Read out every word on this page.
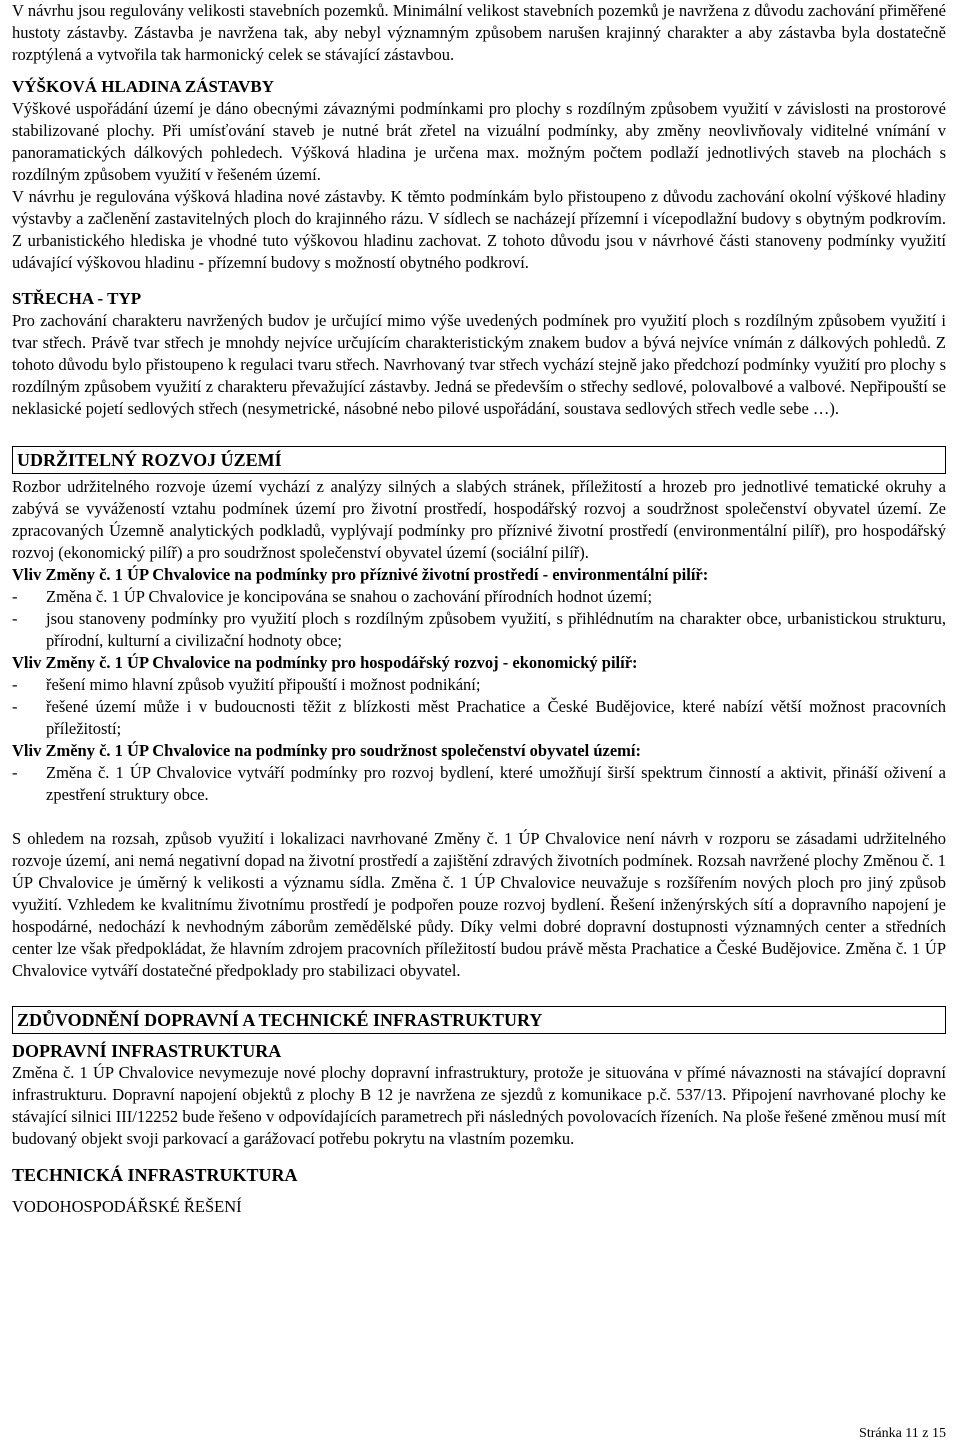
V návrhu jsou regulovány velikosti stavebních pozemků. Minimální velikost stavebních pozemků je navržena z důvodu zachování přiměřené hustoty zástavby. Zástavba je navržena tak, aby nebyl významným způsobem narušen krajinný charakter a aby zástavba byla dostatečně rozptýlená a vytvořila tak harmonický celek se stávající zástavbou.

VÝŠKOVÁ HLADINA ZÁSTAVBY

Výškové uspořádání území je dáno obecnými závaznými podmínkami pro plochy s rozdílným způsobem využití v závislosti na prostorové stabilizované plochy. Při umísťování staveb je nutné brát zřetel na vizuální podmínky, aby změny neovlivňovaly viditelné vnímání v panoramatických dálkových pohledech. Výšková hladina je určena max. možným počtem podlaží jednotlivých staveb na plochách s rozdílným způsobem využití v řešeném území.

V návrhu je regulována výšková hladina nové zástavby. K těmto podmínkám bylo přistoupeno z důvodu zachování okolní výškové hladiny výstavby a začlenění zastavitelných ploch do krajinného rázu. V sídlech se nacházejí přízemní i vícepodlažní budovy s obytným podkrovím. Z urbanistického hlediska je vhodné tuto výškovou hladinu zachovat. Z tohoto důvodu jsou v návrhové části stanoveny podmínky využití udávající výškovou hladinu - přízemní budovy s možností obytného podkroví.

STŘECHA - TYP

Pro zachování charakteru navržených budov je určující mimo výše uvedených podmínek pro využití ploch s rozdílným způsobem využití i tvar střech. Právě tvar střech je mnohdy nejvíce určujícím charakteristickým znakem budov a bývá nejvíce vnímán z dálkových pohledů. Z tohoto důvodu bylo přistoupeno k regulaci tvaru střech. Navrhovaný tvar střech vychází stejně jako předchozí podmínky využití pro plochy s rozdílným způsobem využití z charakteru převažující zástavby. Jedná se především o střechy sedlové, polovalbové a valbové. Nepřipouští se neklasické pojetí sedlových střech (nesymetrické, násobné nebo pilové uspořádání, soustava sedlových střech vedle sebe …).

UDRŽITELNÝ ROZVOJ ÚZEMÍ

Rozbor udržitelného rozvoje území vychází z analýzy silných a slabých stránek, příležitostí a hrozeb pro jednotlivé tematické okruhy a zabývá se vyvážeností vztahu podmínek území pro životní prostředí, hospodářský rozvoj a soudržnost společenství obyvatel území. Ze zpracovaných Územně analytických podkladů, vyplývají podmínky pro příznivé životní prostředí (environmentální pilíř), pro hospodářský rozvoj (ekonomický pilíř) a pro soudržnost společenství obyvatel území (sociální pilíř).

Vliv Změny č. 1 ÚP Chvalovice na podmínky pro příznivé životní prostředí - environmentální pilíř:
-	Změna č. 1 ÚP Chvalovice je koncipována se snahou o zachování přírodních hodnot území;
-	jsou stanoveny podmínky pro využití ploch s rozdílným způsobem využití, s přihlédnutím na charakter obce, urbanistickou strukturu, přírodní, kulturní a civilizační hodnoty obce;
Vliv Změny č. 1 ÚP Chvalovice na podmínky pro hospodářský rozvoj - ekonomický pilíř:
-	řešení mimo hlavní způsob využití připouští i možnost podnikání;
-	řešené území může i v budoucnosti těžit z blízkosti měst Prachatice a České Budějovice, které nabízí větší možnost pracovních příležitostí;
Vliv Změny č. 1 ÚP Chvalovice na podmínky pro soudržnost společenství obyvatel území:
-	Změna č. 1 ÚP Chvalovice vytváří podmínky pro rozvoj bydlení, které umožňují širší spektrum činností a aktivit, přináší oživení a zpestření struktury obce.

S ohledem na rozsah, způsob využití i lokalizaci navrhované Změny č. 1 ÚP Chvalovice není návrh v rozporu se zásadami udržitelného rozvoje území, ani nemá negativní dopad na životní prostředí a zajištění zdravých životních podmínek. Rozsah navržené plochy Změnou č. 1 ÚP Chvalovice je úměrný k velikosti a významu sídla. Změna č. 1 ÚP Chvalovice neuvažuje s rozšířením nových ploch pro jiný způsob využití. Vzhledem ke kvalitnímu životnímu prostředí je podpořen pouze rozvoj bydlení. Řešení inženýrských sítí a dopravního napojení je hospodárné, nedochází k nevhodným záborům zemědělské půdy. Díky velmi dobré dopravní dostupnosti významných center a středních center lze však předpokládat, že hlavním zdrojem pracovních příležitostí budou právě města Prachatice a České Budějovice. Změna č. 1 ÚP Chvalovice vytváří dostatečné předpoklady pro stabilizaci obyvatel.

ZDŮVODNĚNÍ DOPRAVNÍ A TECHNICKÉ INFRASTRUKTURY
DOPRAVNÍ INFRASTRUKTURA

Změna č. 1 ÚP Chvalovice nevymezuje nové plochy dopravní infrastruktury, protože je situována v přímé návaznosti na stávající dopravní infrastrukturu. Dopravní napojení objektů z plochy B 12 je navržena ze sjezdů z komunikace p.č. 537/13. Připojení navrhované plochy ke stávající silnici III/12252 bude řešeno v odpovídajících parametrech při následných povolovacích řízeních. Na ploše řešené změnou musí mít budovaný objekt svoji parkovací a garážovací potřebu pokrytu na vlastním pozemku.

TECHNICKÁ INFRASTRUKTURA
VODOHOSPODÁŘSKÉ ŘEŠENÍ
Stránka 11 z 15
